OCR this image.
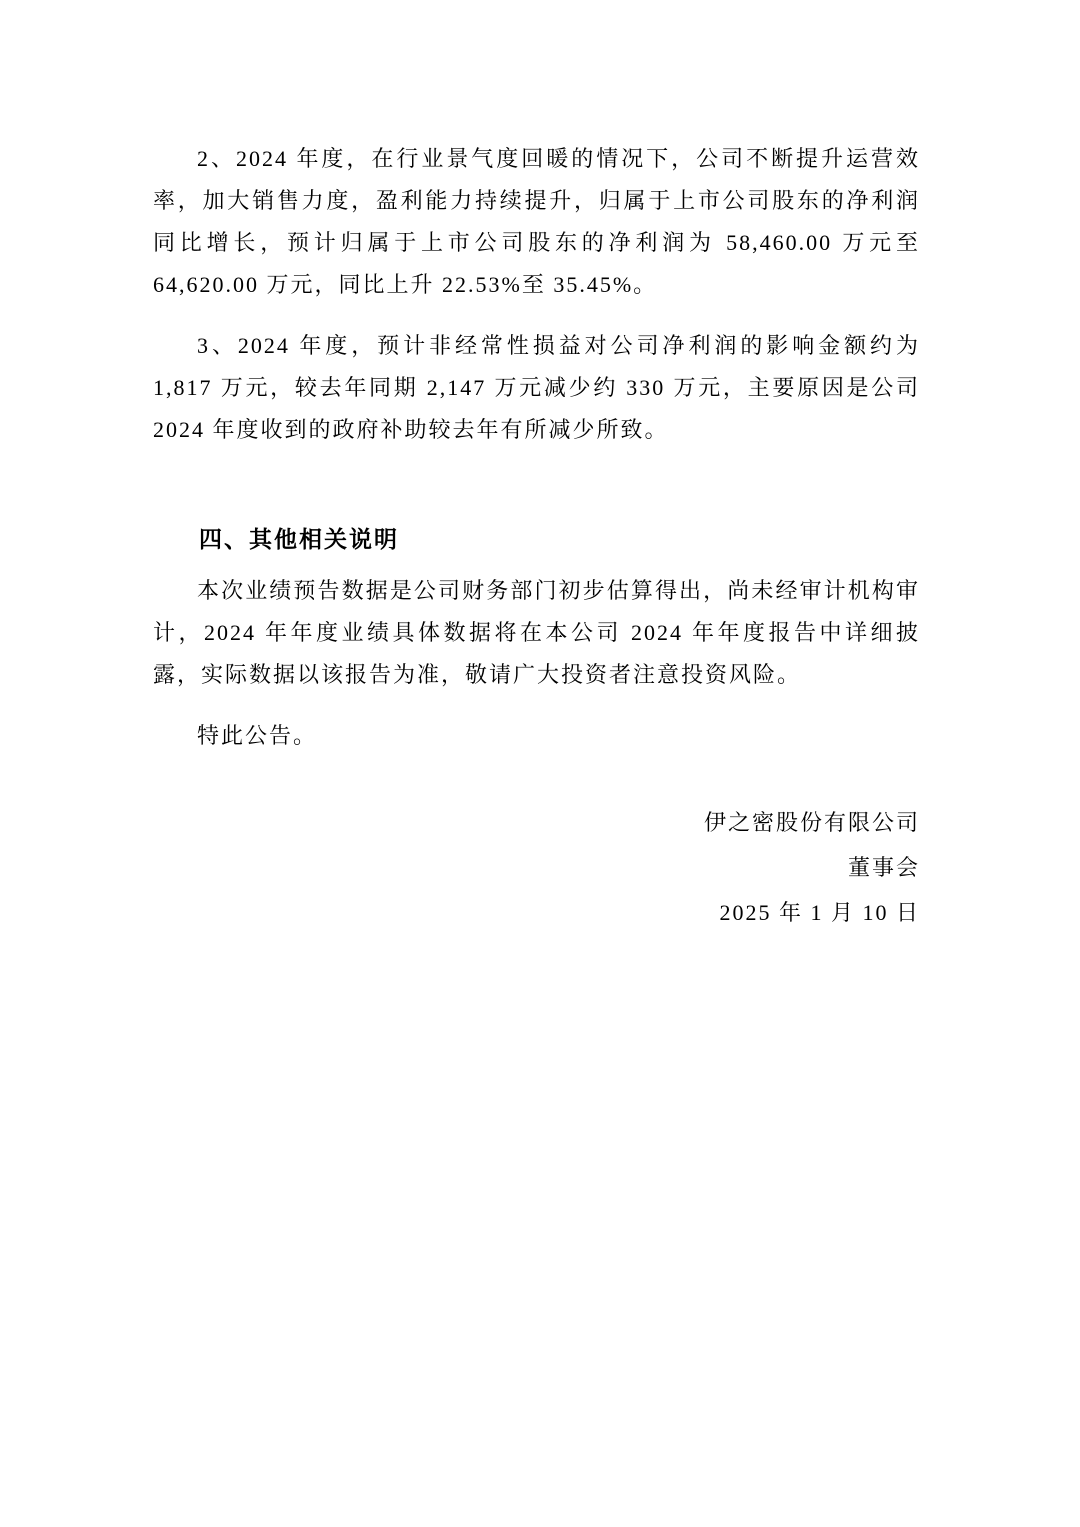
2、2024 年度，在行业景气度回暖的情况下，公司不断提升运营效率，加大销售力度，盈利能力持续提升，归属于上市公司股东的净利润同比增长，预计归属于上市公司股东的净利润为 58,460.00 万元至 64,620.00 万元，同比上升 22.53%至 35.45%。

3、2024 年度，预计非经常性损益对公司净利润的影响金额约为 1,817 万元，较去年同期 2,147 万元减少约 330 万元，主要原因是公司 2024 年度收到的政府补助较去年有所减少所致。

四、其他相关说明

本次业绩预告数据是公司财务部门初步估算得出，尚未经审计机构审计，2024 年年度业绩具体数据将在本公司 2024 年年度报告中详细披露，实际数据以该报告为准，敬请广大投资者注意投资风险。

特此公告。

伊之密股份有限公司
董事会
2025 年 1 月 10 日
